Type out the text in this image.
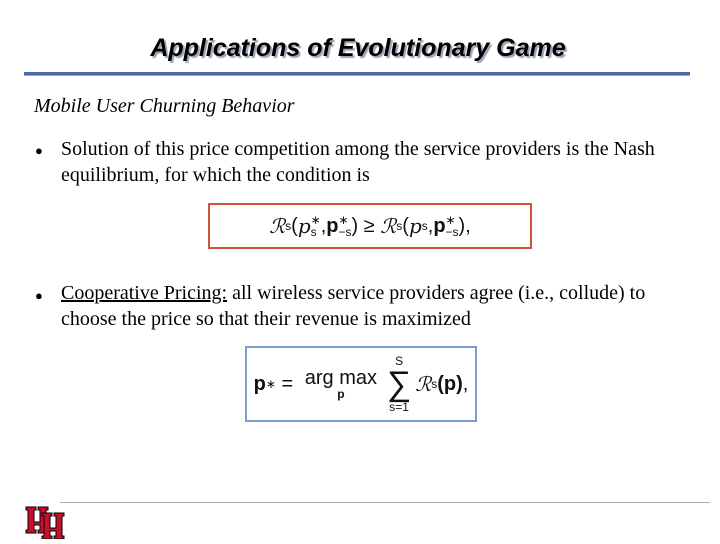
Applications of Evolutionary Game
Mobile User Churning Behavior
● Solution of this price competition among the service providers is the Nash equilibrium, for which the condition is
ℛ s ( p ∗
s , p ∗
−s )
≥
ℛ s ( p s , p ∗
−s ) ,
● Cooperative Pricing: all wireless service providers agree (i.e., collude) to choose the price so that their revenue is maximized
p ∗
=
arg max
p
S
∑
s=1
ℛ s (p) ,
